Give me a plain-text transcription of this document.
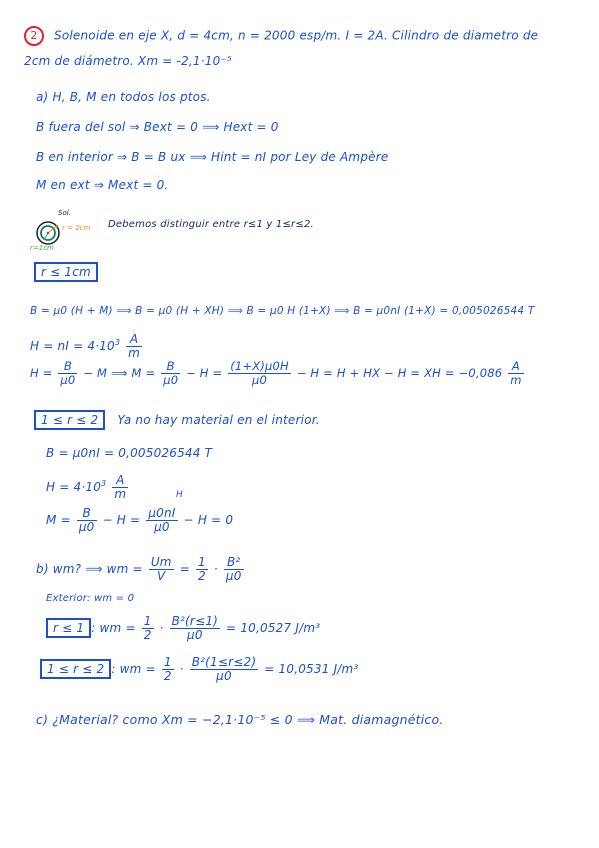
2 Solenoide en eje X, d = 4cm, n = 2000 esp/m. I = 2A. Cilindro de diametro de
2cm de diámetro. Xm = -2,1·10⁻⁵
a) H, B, M en todos los ptos.
B fuera del sol ⇒ Bext = 0 ⟹ Hext = 0
B en interior ⇒ B = B ux ⟹ Hint = nI por Ley de Ampère
M en ext ⇒ Mext = 0.
Sol.
r = 2cm
r=1cm
Debemos distinguir entre r≤1 y 1≤r≤2.
r ≤ 1cm
B = μ0 (H + M) ⟹ B = μ0 (H + XH) ⟹ B = μ0 H (1+X) ⟹ B = μ0nI (1+X) = 0,005026544 T
H = nI = $4\cdot 10^3 \frac{A}{m}$
$H = \frac{B}{\mu 0} - M$ ⟹ $M = \frac{B}{\mu 0} - H = \frac{(1+X)\mu 0H}{\mu 0} - H = H$ + HX − H = XH = $-0,086 \frac{A}{m}$
1 ≤ r ≤ 2 Ya no hay material en el interior.
B = μ0nI = 0,005026544 T
$H = 4\cdot 10^3 \frac{A}{m}$	H
$M = \frac{B}{\mu 0} - H = \frac{\mu 0nI}{\mu 0} - H = 0$
b) wm? ⟹ wm = $\frac{Um}{V} = \frac{1}{2} \cdot \frac{\text{B²}}{\mu 0}$
Exterior: wm = 0
r ≤ 1 : wm = $\frac{1}{2} \cdot \frac{\text{B²(r≤1)}}{\mu 0} = 10,0527$ J/m³
1 ≤ r ≤ 2 : wm = $\frac{1}{2} \cdot \frac{\text{B²(1≤r≤2)}}{\mu 0} = 10,0531$ J/m³
c) ¿Material? como Xm = −2,1·10⁻⁵ ≤ 0 ⟹ Mat. diamagnético.
